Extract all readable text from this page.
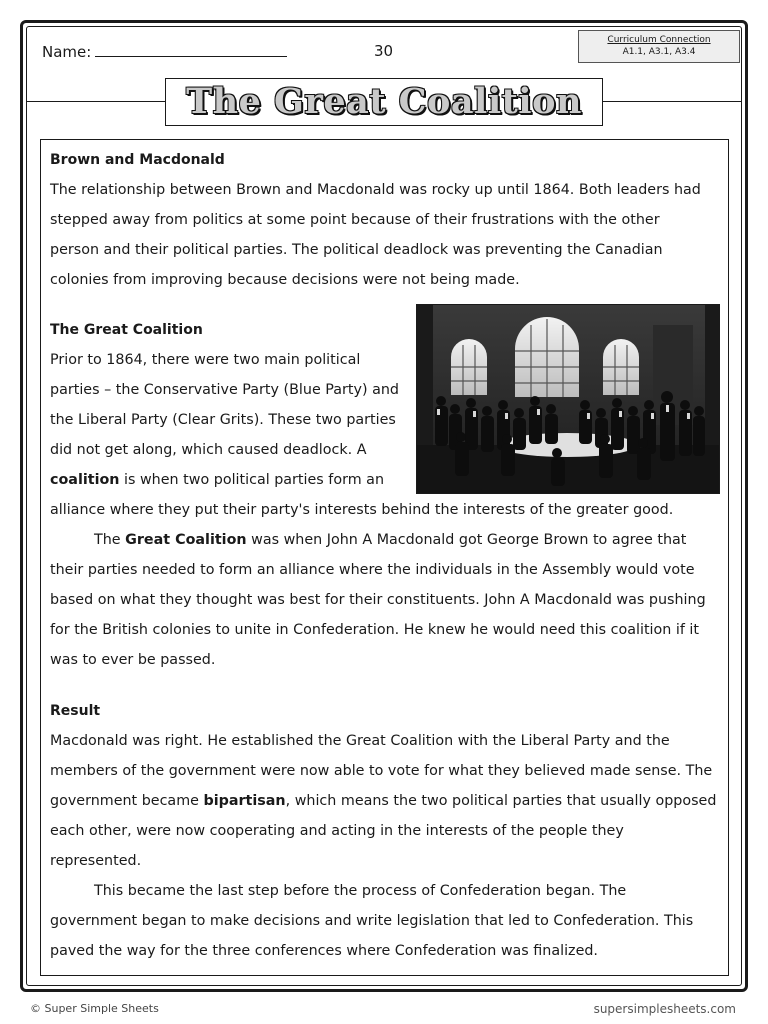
Name:	30
Curriculum Connection
A1.1, A3.1, A3.4
The Great Coalition
Brown and Macdonald
The relationship between Brown and Macdonald was rocky up until 1864. Both leaders had
stepped away from politics at some point because of their frustrations with the other
person and their political parties. The political deadlock was preventing the Canadian
colonies from improving because decisions were not being made.
The Great Coalition
Prior to 1864, there were two main political
parties – the Conservative Party (Blue Party) and
the Liberal Party (Clear Grits). These two parties
did not get along, which caused deadlock. A
coalition is when two political parties form an
alliance where they put their party's interests behind the interests of the greater good.
The Great Coalition was when John A Macdonald got George Brown to agree that
their parties needed to form an alliance where the individuals in the Assembly would vote
based on what they thought was best for their constituents. John A Macdonald was pushing
for the British colonies to unite in Confederation. He knew he would need this coalition if it
was to ever be passed.
Result
Macdonald was right. He established the Great Coalition with the Liberal Party and the
members of the government were now able to vote for what they believed made sense. The
government became bipartisan, which means the two political parties that usually opposed
each other, were now cooperating and acting in the interests of the people they
represented.
This became the last step before the process of Confederation began. The
government began to make decisions and write legislation that led to Confederation. This
paved the way for the three conferences where Confederation was finalized.
© Super Simple Sheets	supersimplesheets.com
